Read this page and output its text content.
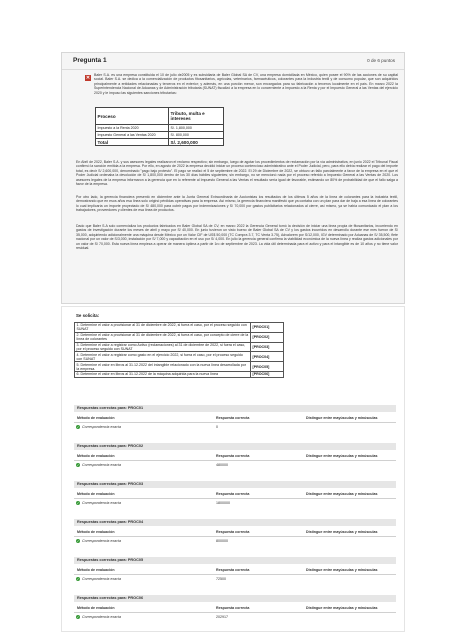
Pregunta 1	0 de 6 puntos
✕ Baler S.A. es una empresa constituida el 10 de julio de2005 y es subsidiaria de Baler Global SA de CV, una empresa domiciliada en México, quien posee el 90% de las acciones de su capital social. Baler S.A. se dedica a la comercialización de productos fitosanitarios, agrícolas, veterinarios, farmacéuticos, colorantes para la industria textil y de consumo popular, que son adquiridos principalmente a entidades relacionadas y terceros en el exterior; y además, en una porción menor, son encargados para su fabricación a terceros localmente en el país. En marzo 2022 la Superintendencia Nacional de Aduanas y de Administración tributaria (SUNAT) fiscalizó a la empresa en lo concerniente a Impuesto a la Renta y por el Impuesto General a las Ventas del ejercicio 2020 y le impuso las siguientes sanciones tributarias:

Proceso	Tributo, multa e intereses
Impuesto a la Renta 2020	S/. 1,800,000
Impuesto General a las Ventas 2020	S/. 800,000
Total	S/. 2,600,000

En Abril de 2022, Baler S.A. y sus asesores legales realizaron el reclamo respectivo; sin embargo, luego de agotar los procedimientos de reclamación por la vía administrativa, en junio 2022 el Tribunal Fiscal confirmó la sanción emitida a la empresa. Por ello, en agosto de 2022 la empresa decidió iniciar un proceso contencioso administrativo ante el Poder Judicial, pero, para ello debía realizar el pago del importe total, es decir S/ 2,600,000, denominado "pago bajo protesto". El pago se realizó el 5 de septiembre de 2022. El 29 de Diciembre de 2022, se obtuvo un fallo parcialmente a favor de la empresa en el que el Poder Judicial ordenaba la devolución de S/ 1,800,000 dentro de los 30 días hábiles siguientes; sin embargo, no se mencionó nada por el proceso referido a Impuesto General a las Ventas de 2020. Los asesores legales de la empresa informaron a la gerencia que en lo referente al Impuesto General a las Ventas el resultado sería igual de favorable, estimando un 80% de probabilidad de que el fallo salga a favor de la empresa.

Por otro lado, la gerencia financiera presentó en diciembre ante la Junta General Extraordinaria de Accionistas los resultados de los últimos 5 años de la línea de colorantes para la industria textil, demostrando que en esos años esa línea solo originó pérdidas operativas para la empresa. Así mismo, la gerencia financiera manifestó que ya contaba con un plan para dar de baja a esa línea de colorantes lo cual implicaría un importe proyectado de S/ 480,000 para cubrir pagos por indemnizaciones y S/ 70,000 por gastos publicitarios relacionados al cierre, así mismo, ya se había comunicado el plan a los trabajadores, proveedores y clientes de esa línea de productos.

Dado que Baler S.A solo comercializa los productos fabricados en Baler Global SA de CV, en marzo 2022 la Gerencia General tomó la decisión de iniciar una línea propia de fitosanitarios, incurriendo en gastos de investigación durante los meses de abril y mayo por S/ 40,000. En junio tuvieron un visto bueno de Baler Global SA de CV y los gastos incurridos en desarrollo durante ese mes fueron de S/ 35,000, adquiriendo adicionalmente una máquina desde México por un Valor CIF de US$ 50,000 (TC Compra 3.7, TC Venta 3.75), Advalorem por S/12,000, IGV determinado por Aduanas de S/ 35,500, flete nacional por un valor de S/3,000, instalación por S/ 7,000 y capacitación en el uso por S/ 4,000. En julio la gerencia general confirma la viabilidad económica de la nueva línea y realiza gastos adicionales por un valor de S/ 70,000. Esta nueva línea empieza a operar de manera óptima a partir de 1ro de septiembre de 2023. La vida útil determinada para el activo y para el intangible es de 10 años y no tiene valor residual.

Se solicita:
1. Determine el valor a provisionar al 31 de diciembre de 2022, si fuera el caso, por el proceso seguido con SUNAT	[PROC01]
2. Determine el valor a provisionar al 31 de diciembre de 2022, si fuera el caso, por concepto de cierre de la línea de colorantes	[PROC02]
3. Determine el valor a registrar como Activo (reclamaciones) al 31 de diciembre de 2022, si fuera el caso, por el proceso seguido con SUNAT	[PROC03]
4. Determine el valor a registrar como gasto en el ejercicio 2022, si fuera el caso, por el proceso seguido con SUNAT	[PROC04]
5. Determine el valor en libros al 31.12.2022 del intangible relacionado con la nueva línea desarrollada por la empresa.	[PROC05]
6. Determine el valor en libros al 31.12.2022 de la máquina adquirida para la nueva línea	[PROC06]
Respuestas correctas para: PROC01
Método de evaluación	Respuesta correcta	Distingue entre mayúsculas y minúsculas
✓ Correspondencia exacta	0
Respuestas correctas para: PROC02
Método de evaluación	Respuesta correcta	Distingue entre mayúsculas y minúsculas
✓ Correspondencia exacta	480000
Respuestas correctas para: PROC03
Método de evaluación	Respuesta correcta	Distingue entre mayúsculas y minúsculas
✓ Correspondencia exacta	1800000
Respuestas correctas para: PROC04
Método de evaluación	Respuesta correcta	Distingue entre mayúsculas y minúsculas
✓ Correspondencia exacta	800000
Respuestas correctas para: PROC05
Método de evaluación	Respuesta correcta	Distingue entre mayúsculas y minúsculas
✓ Correspondencia exacta	72500
Respuestas correctas para: PROC06
Método de evaluación	Respuesta correcta	Distingue entre mayúsculas y minúsculas
✓ Correspondencia exacta	202917
